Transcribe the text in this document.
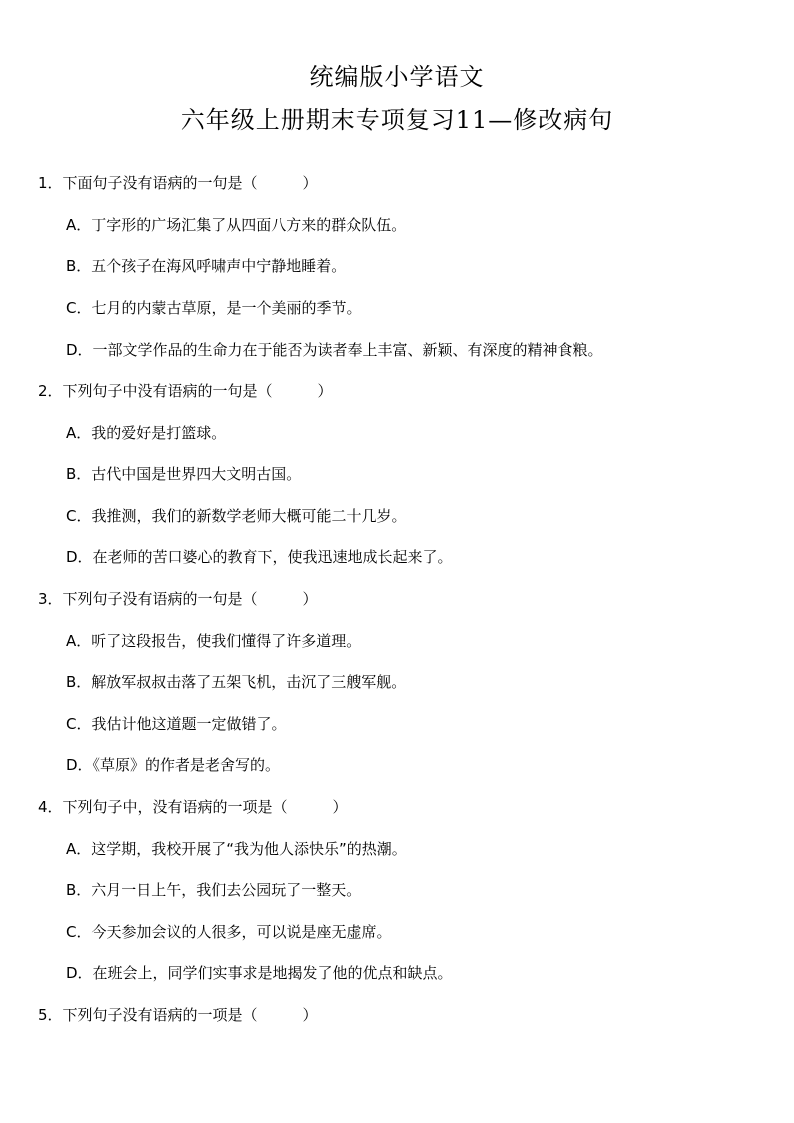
统编版小学语文
六年级上册期末专项复习11—修改病句
1．下面句子没有语病的一句是（　　　）
A．丁字形的广场汇集了从四面八方来的群众队伍。
B．五个孩子在海风呼啸声中宁静地睡着。
C．七月的内蒙古草原，是一个美丽的季节。
D．一部文学作品的生命力在于能否为读者奉上丰富、新颖、有深度的精神食粮。
2．下列句子中没有语病的一句是（　　　）
A．我的爱好是打篮球。
B．古代中国是世界四大文明古国。
C．我推测，我们的新数学老师大概可能二十几岁。
D．在老师的苦口婆心的教育下，使我迅速地成长起来了。
3．下列句子没有语病的一句是（　　　）
A．听了这段报告，使我们懂得了许多道理。
B．解放军叔叔击落了五架飞机，击沉了三艘军舰。
C．我估计他这道题一定做错了。
D．《草原》的作者是老舍写的。
4．下列句子中，没有语病的一项是（　　　）
A．这学期，我校开展了“我为他人添快乐”的热潮。
B．六月一日上午，我们去公园玩了一整天。
C．今天参加会议的人很多，可以说是座无虚席。
D．在班会上，同学们实事求是地揭发了他的优点和缺点。
5．下列句子没有语病的一项是（　　　）
